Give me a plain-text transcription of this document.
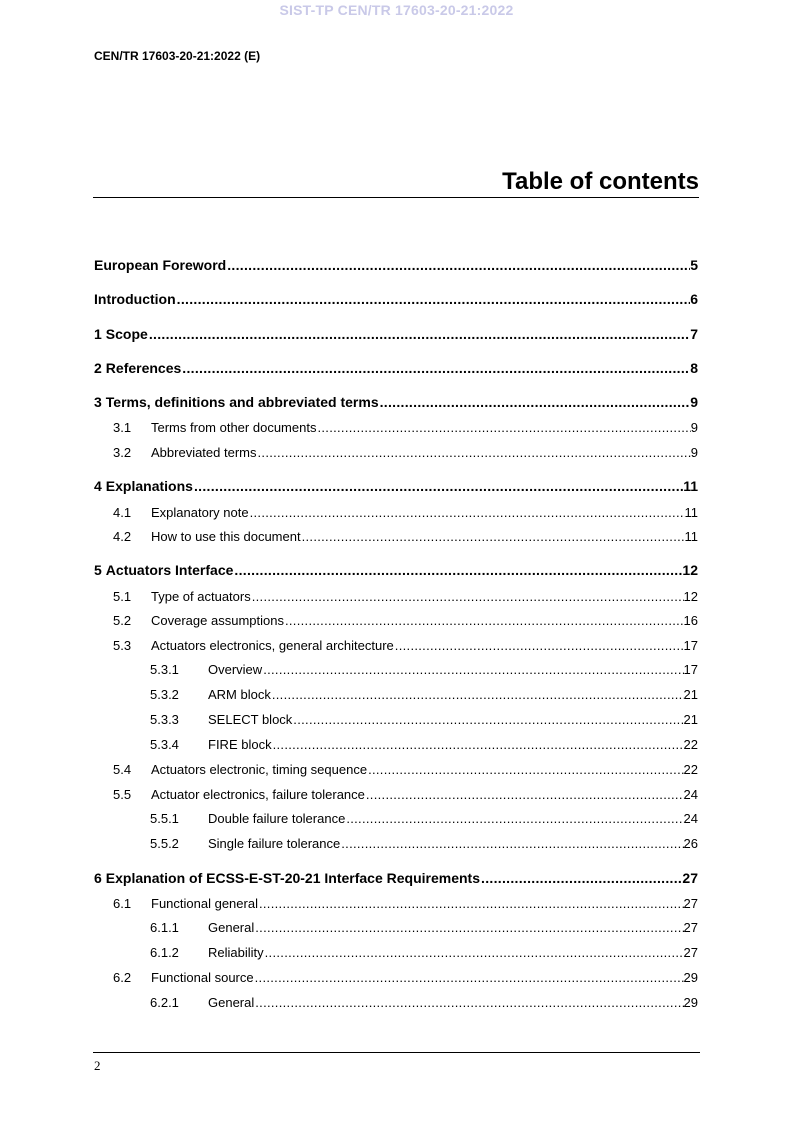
SIST-TP CEN/TR 17603-20-21:2022
CEN/TR 17603-20-21:2022 (E)
Table of contents
European Foreword .....	5
Introduction .....	6
1 Scope .....	7
2 References .....	8
3 Terms, definitions and abbreviated terms .....	9
3.1	Terms from other documents .....	9
3.2	Abbreviated terms .....	9
4 Explanations .....	11
4.1	Explanatory note .....	11
4.2	How to use this document .....	11
5 Actuators Interface .....	12
5.1	Type of actuators .....	12
5.2	Coverage assumptions .....	16
5.3	Actuators electronics, general architecture .....	17
5.3.1	Overview .....	17
5.3.2	ARM block .....	21
5.3.3	SELECT block .....	21
5.3.4	FIRE block .....	22
5.4	Actuators electronic, timing sequence .....	22
5.5	Actuator electronics, failure tolerance .....	24
5.5.1	Double failure tolerance .....	24
5.5.2	Single failure tolerance .....	26
6 Explanation of ECSS-E-ST-20-21 Interface Requirements .....	27
6.1	Functional general .....	27
6.1.1	General .....	27
6.1.2	Reliability .....	27
6.2	Functional source .....	29
6.2.1	General .....	29
2
